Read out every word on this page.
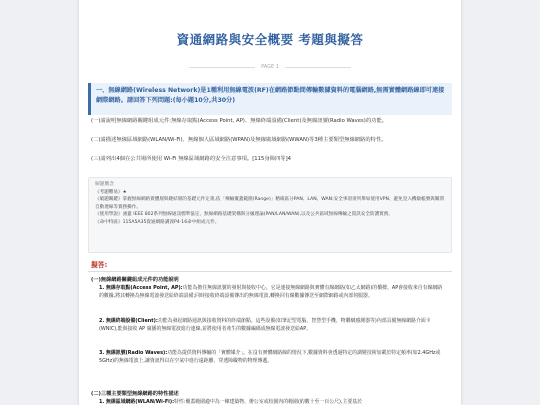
資通網路與安全概要 考題與擬答
PAGE 1
一、無線網路(Wireless Network)是1種利用無線電波(RF)在網路節點間傳輸數據資料的電腦網路,無需實體網路線即可連接網際網路。請回答下列問題:(每小題10分,共30分)
(一)請說明無線網路關鍵組成元件:無線存取點(Access Point, AP)、無線終端設備(Client)及無線訊號(Radio Waves)的功能。
(二)請描述無線區域網路(WLAN/Wi-Fi)、無線個人區域網路(WPAN)及無線廣域網路(WWAN)等3種主要類型無線網路的特性。
(三)請列出4個在公共場所使用 Wi-Fi 無線區域網路的安全注意事項。[115身障四等]4
解題觀念
《考題難易》★
《破題關鍵》掌握無線網路實體層與鏈結層的基礎元件定義,依「傳輸覆蓋範圍(Range)」精確區分PAN、LAN、WAN;安全事項須列舉如使用VPN、避免登入機敏帳號與關閉自動連線等實務操作。
《使用學說》涵蓋 IEEE 802系列無線通訊標準協定、無線網路基礎架構與分級理論(PAN/LAN/WAN),以及公共區域無線傳輸之資訊安全防護實務。
《命中特區》115A5A35資通網路講義P4-16命中組成元件。
擬答:
(一)無線網路關鍵組成元件的功能說明
1. 無線存取點(Access Point, AP):功能為擔任無線訊號的發射與接收中心。它是連接無線網路與實體有線網路(如乙太網路)的橋樑。AP會接收來自有線網路的數據,將其轉換為無線電波發送給終端設備;同時接收終端設備傳出的無線電波,轉換回有線數據傳送至網際網路或內部伺服器。
2. 無線終端設備(Client):功能為發起網路通訊與接收資料的終端節點。這些設備(如筆記型電腦、智慧型手機、物聯網感測器等)內部具備無線網路介面卡(WNIC),能與接收 AP 廣播的無線電波進行連線,並將使用者產生的數據編碼成無線電波發送給AP。
3. 無線訊號(Radio Waves):功能為提供資料傳輸的「實體媒介」。在沒有實體網路線的情況下,數據資料會透過特定的調變技術加載於特定頻率(如2.4GHz或5GHz)的無線電波上,讓資訊得以在空氣中進行遠距離、穿透障礙物的物理傳遞。
(二)三種主要類型無線網路的特性描述
1. 無線區域網路(WLAN/Wi-Fi):特性:覆蓋範圍適中為一棟建築物、辦公室或校園內的範圍(約數十至一百公尺),主要基於
